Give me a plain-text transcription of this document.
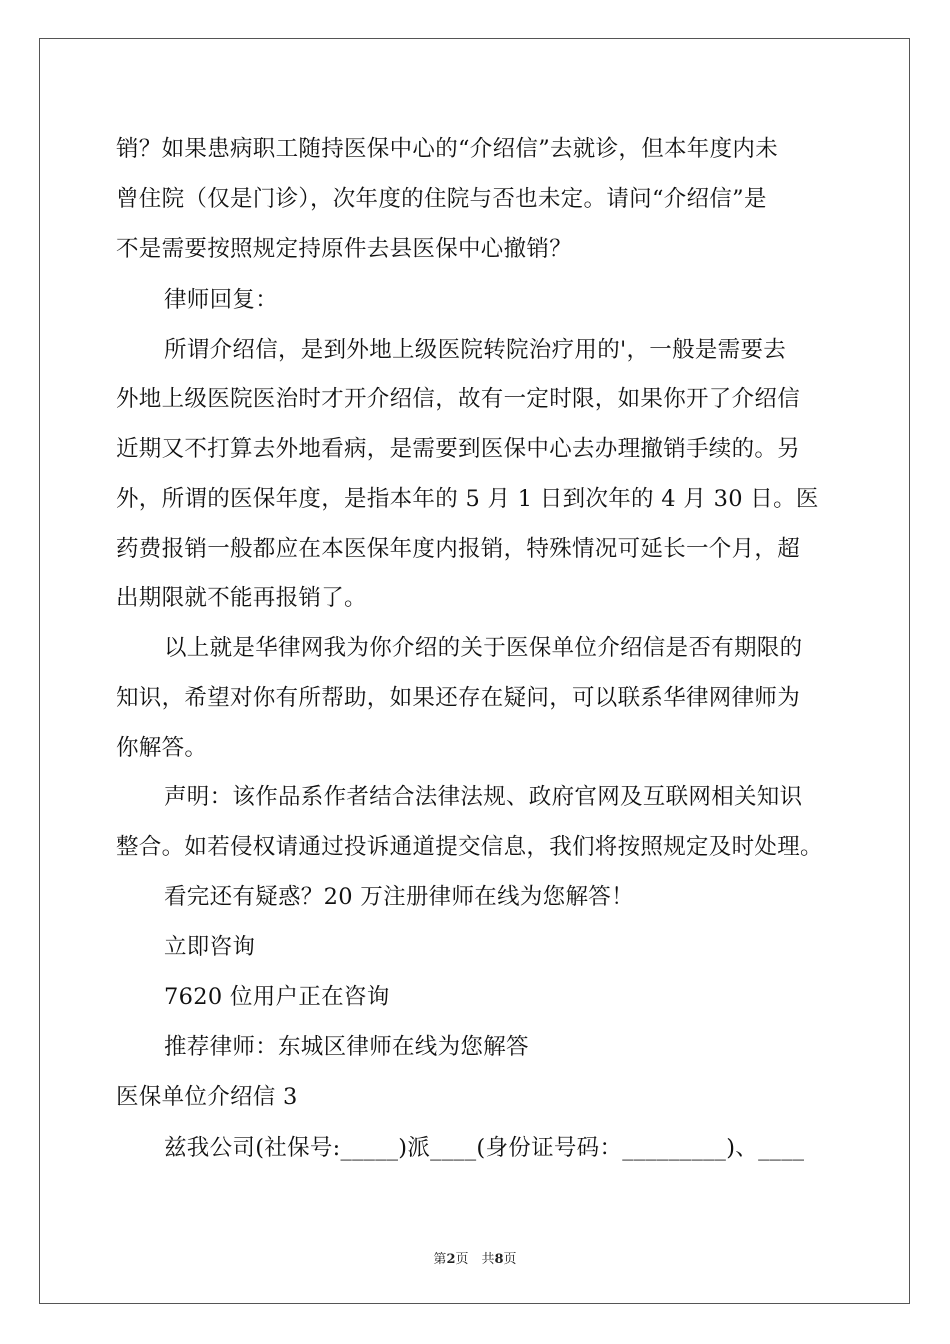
销？如果患病职工随持医保中心的“介绍信”去就诊，但本年度内未

曾住院（仅是门诊），次年度的住院与否也未定。请问“介绍信”是

不是需要按照规定持原件去县医保中心撤销？

律师回复：

所谓介绍信，是到外地上级医院转院治疗用的'，一般是需要去

外地上级医院医治时才开介绍信，故有一定时限，如果你开了介绍信

近期又不打算去外地看病，是需要到医保中心去办理撤销手续的。另

外，所谓的医保年度，是指本年的 5 月 1 日到次年的 4 月 30 日。医

药费报销一般都应在本医保年度内报销，特殊情况可延长一个月，超

出期限就不能再报销了。

以上就是华律网我为你介绍的关于医保单位介绍信是否有期限的

知识，希望对你有所帮助，如果还存在疑问，可以联系华律网律师为

你解答。

声明：该作品系作者结合法律法规、政府官网及互联网相关知识

整合。如若侵权请通过投诉通道提交信息，我们将按照规定及时处理。

看完还有疑惑？20 万注册律师在线为您解答！

立即咨询

7620 位用户正在咨询

推荐律师：东城区律师在线为您解答

医保单位介绍信 3

兹我公司(社保号:_____)派____(身份证号码：_________)、____

第2页　共8页
